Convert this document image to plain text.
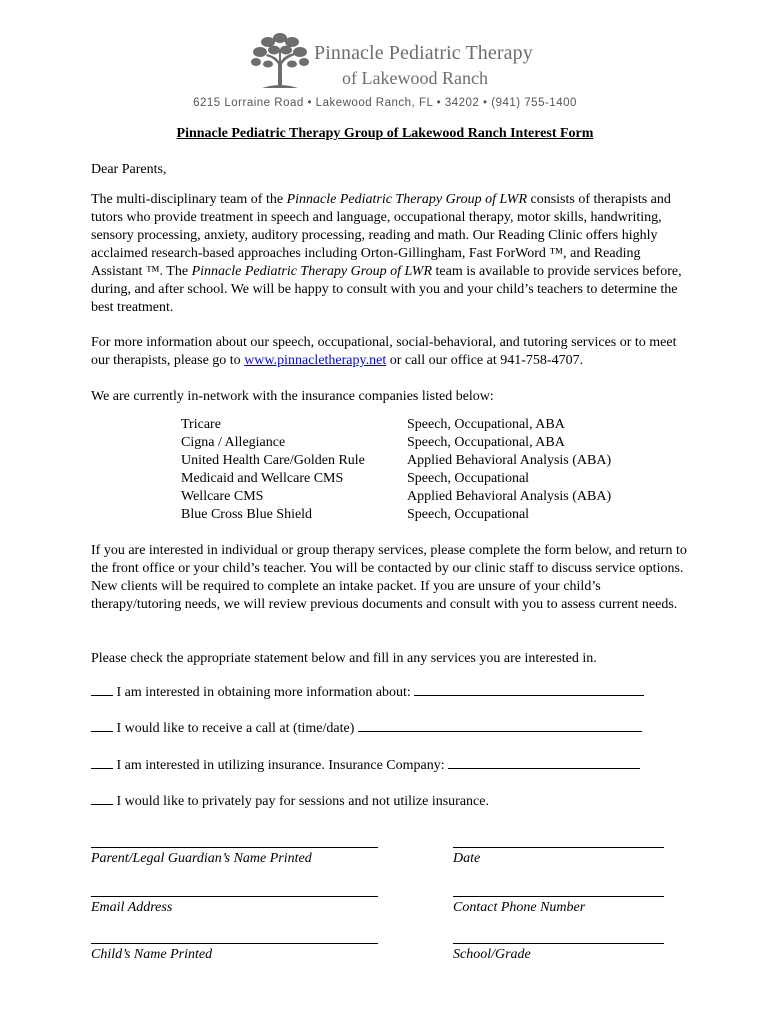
Pinnacle Pediatric Therapy
of Lakewood Ranch
6215 Lorraine Road • Lakewood Ranch, FL • 34202 • (941) 755-1400
Pinnacle Pediatric Therapy Group of Lakewood Ranch Interest Form
Dear Parents,
The multi-disciplinary team of the Pinnacle Pediatric Therapy Group of LWR consists of therapists and tutors who provide treatment in speech and language, occupational therapy, motor skills, handwriting, sensory processing, anxiety, auditory processing, reading and math. Our Reading Clinic offers highly acclaimed research-based approaches including Orton-Gillingham, Fast ForWord ™, and Reading Assistant ™. The Pinnacle Pediatric Therapy Group of LWR team is available to provide services before, during, and after school. We will be happy to consult with you and your child’s teachers to determine the best treatment.
For more information about our speech, occupational, social-behavioral, and tutoring services or to meet our therapists, please go to www.pinnacletherapy.net or call our office at 941-758-4707.
We are currently in-network with the insurance companies listed below:
Tricare	Speech, Occupational, ABA
Cigna / Allegiance	Speech, Occupational, ABA
United Health Care/Golden Rule	Applied Behavioral Analysis (ABA)
Medicaid and Wellcare CMS	Speech, Occupational
Wellcare CMS	Applied Behavioral Analysis (ABA)
Blue Cross Blue Shield	Speech, Occupational
If you are interested in individual or group therapy services, please complete the form below, and return to the front office or your child’s teacher. You will be contacted by our clinic staff to discuss service options. New clients will be required to complete an intake packet. If you are unsure of your child’s therapy/tutoring needs, we will review previous documents and consult with you to assess current needs.
Please check the appropriate statement below and fill in any services you are interested in.
I am interested in obtaining more information about:
I would like to receive a call at (time/date)
I am interested in utilizing insurance. Insurance Company:
I would like to privately pay for sessions and not utilize insurance.
Parent/Legal Guardian’s Name Printed	Date
Email Address	Contact Phone Number
Child’s Name Printed	School/Grade
